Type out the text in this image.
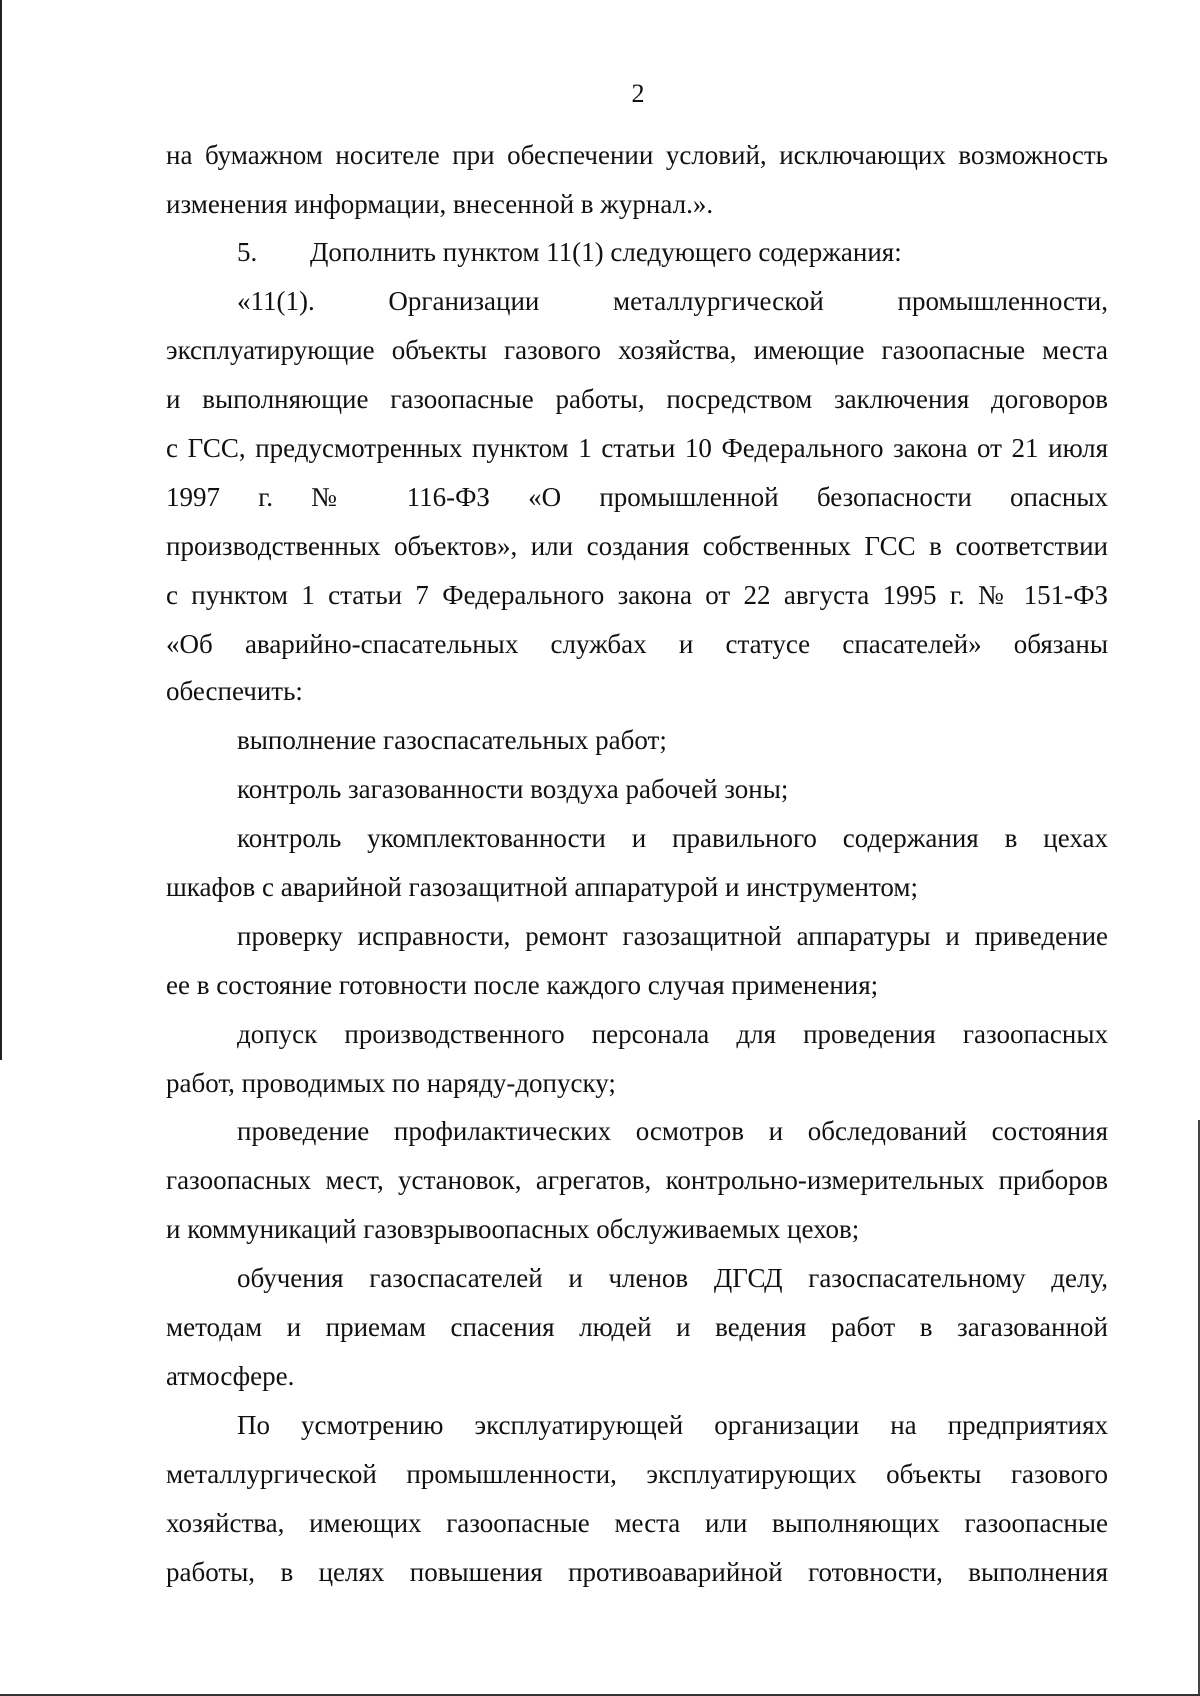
2
на бумажном носителе при обеспечении условий, исключающих возможность
изменения информации, внесенной в журнал.».
5. Дополнить пунктом 11(1) следующего содержания:
«11(1). Организации металлургической промышленности,
эксплуатирующие объекты газового хозяйства, имеющие газоопасные места
и выполняющие газоопасные работы, посредством заключения договоров
с ГСС, предусмотренных пунктом 1 статьи 10 Федерального закона от 21 июля
1997 г. № 116-ФЗ «О промышленной безопасности опасных
производственных объектов», или создания собственных ГСС в соответствии
с пунктом 1 статьи 7 Федерального закона от 22 августа 1995 г. № 151-ФЗ
«Об аварийно-спасательных службах и статусе спасателей» обязаны
обеспечить:
выполнение газоспасательных работ;
контроль загазованности воздуха рабочей зоны;
контроль укомплектованности и правильного содержания в цехах
шкафов с аварийной газозащитной аппаратурой и инструментом;
проверку исправности, ремонт газозащитной аппаратуры и приведение
ее в состояние готовности после каждого случая применения;
допуск производственного персонала для проведения газоопасных
работ, проводимых по наряду-допуску;
проведение профилактических осмотров и обследований состояния
газоопасных мест, установок, агрегатов, контрольно-измерительных приборов
и коммуникаций газовзрывоопасных обслуживаемых цехов;
обучения газоспасателей и членов ДГСД газоспасательному делу,
методам и приемам спасения людей и ведения работ в загазованной
атмосфере.
По усмотрению эксплуатирующей организации на предприятиях
металлургической промышленности, эксплуатирующих объекты газового
хозяйства, имеющих газоопасные места или выполняющих газоопасные
работы, в целях повышения противоаварийной готовности, выполнения
